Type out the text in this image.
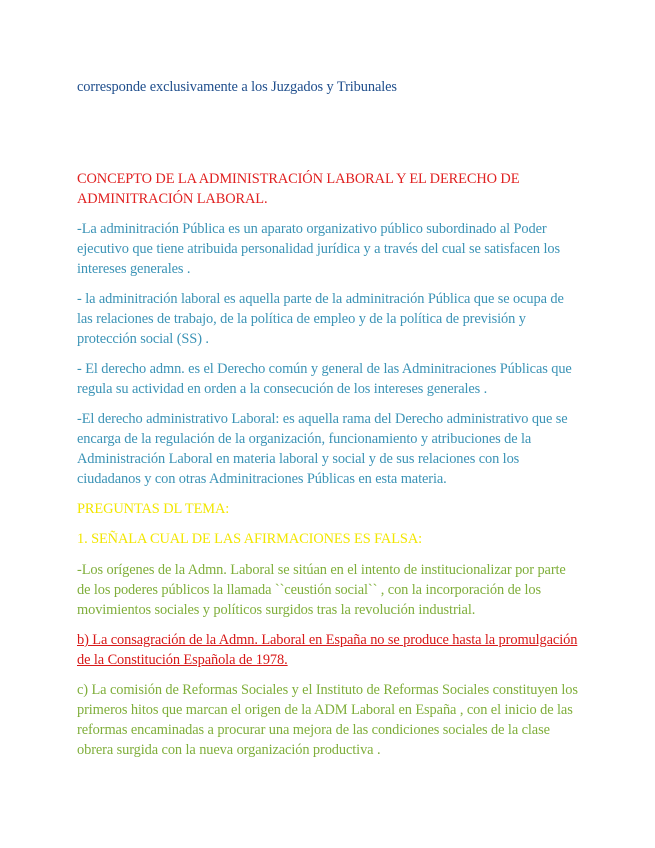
corresponde exclusivamente a los Juzgados y Tribunales

CONCEPTO DE LA ADMINISTRACIÓN LABORAL Y EL DERECHO DE ADMINITRACIÓN LABORAL.

-La adminitración Pública es un aparato organizativo público subordinado al Poder ejecutivo que tiene atribuida personalidad jurídica y a través del cual se satisfacen los intereses generales .

- la adminitración laboral es aquella parte de la adminitración Pública que se ocupa de las relaciones de trabajo, de la política de empleo y de la política de previsión y protección social (SS) .

- El derecho admn. es el Derecho común y general de las Adminitraciones Públicas que regula su actividad en orden a la consecución de los intereses generales .

-El derecho administrativo Laboral: es aquella rama del Derecho administrativo que se encarga de la regulación de la organización, funcionamiento y atribuciones de la Administración Laboral en materia laboral y social y de sus relaciones con los ciudadanos y con otras Adminitraciones Públicas en esta materia.

PREGUNTAS DL TEMA:

1. SEÑALA CUAL DE LAS AFIRMACIONES ES FALSA:

-Los orígenes de la Admn. Laboral se sitúan en el intento de institucionalizar por parte de los poderes públicos la llamada ``ceustión social`` , con la incorporación de los movimientos sociales y políticos surgidos tras la revolución industrial.

b) La consagración de la Admn. Laboral en España no se produce hasta la promulgación de la Constitución Española de 1978.

c) La comisión de Reformas Sociales y el Instituto de Reformas Sociales constituyen los primeros hitos que marcan el origen de la ADM Laboral en España , con el inicio de las reformas encaminadas a procurar una mejora de las condiciones sociales de la clase obrera surgida con la nueva organización productiva .
